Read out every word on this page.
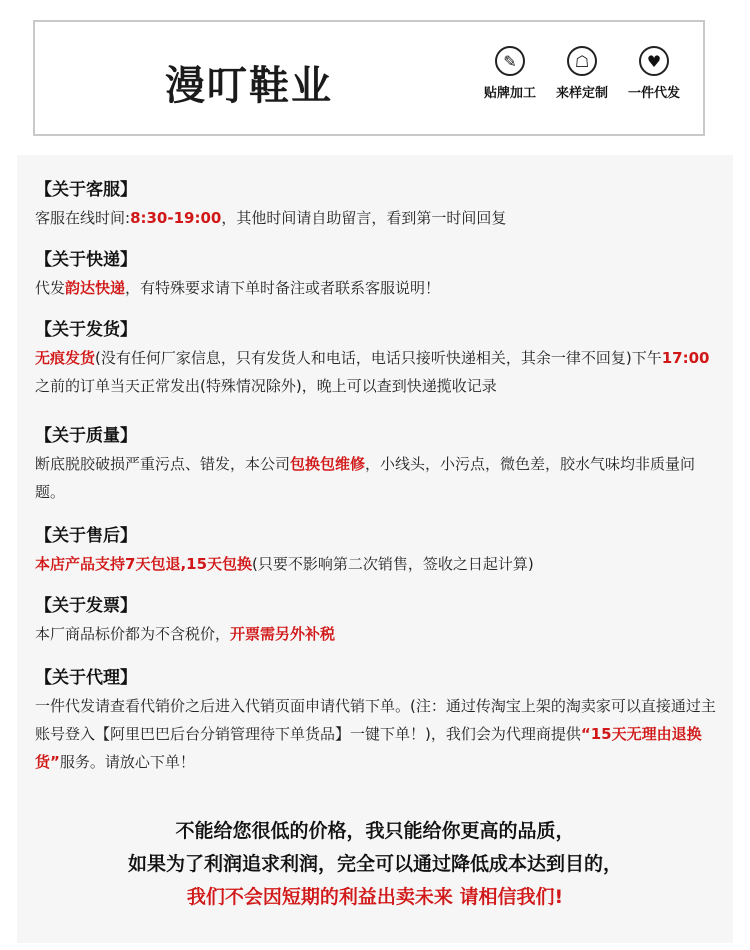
漫叮鞋业
✎
贴牌加工
☖
来样定制
♥
一件代发
【关于客服】
客服在线时间:8:30-19:00，其他时间请自助留言，看到第一时间回复
【关于快递】
代发韵达快递，有特殊要求请下单时备注或者联系客服说明！
【关于发货】
无痕发货(没有任何厂家信息，只有发货人和电话，电话只接听快递相关，其余一律不回复)下午17:00之前的订单当天正常发出(特殊情况除外)，晚上可以查到快递揽收记录
【关于质量】
断底脱胶破损严重污点、错发，本公司包换包维修，小线头，小污点，微色差，胶水气味均非质量问题。
【关于售后】
本店产品支持7天包退,15天包换(只要不影响第二次销售，签收之日起计算)
【关于发票】
本厂商品标价都为不含税价，开票需另外补税
【关于代理】
一件代发请查看代销价之后进入代销页面申请代销下单。(注：通过传淘宝上架的淘卖家可以直接通过主账号登入【阿里巴巴后台分销管理待下单货品】一键下单！)，我们会为代理商提供“15天无理由退换货”服务。请放心下单！
不能给您很低的价格，我只能给你更高的品质，
如果为了利润追求利润，完全可以通过降低成本达到目的，
我们不会因短期的利益出卖未来 请相信我们!
